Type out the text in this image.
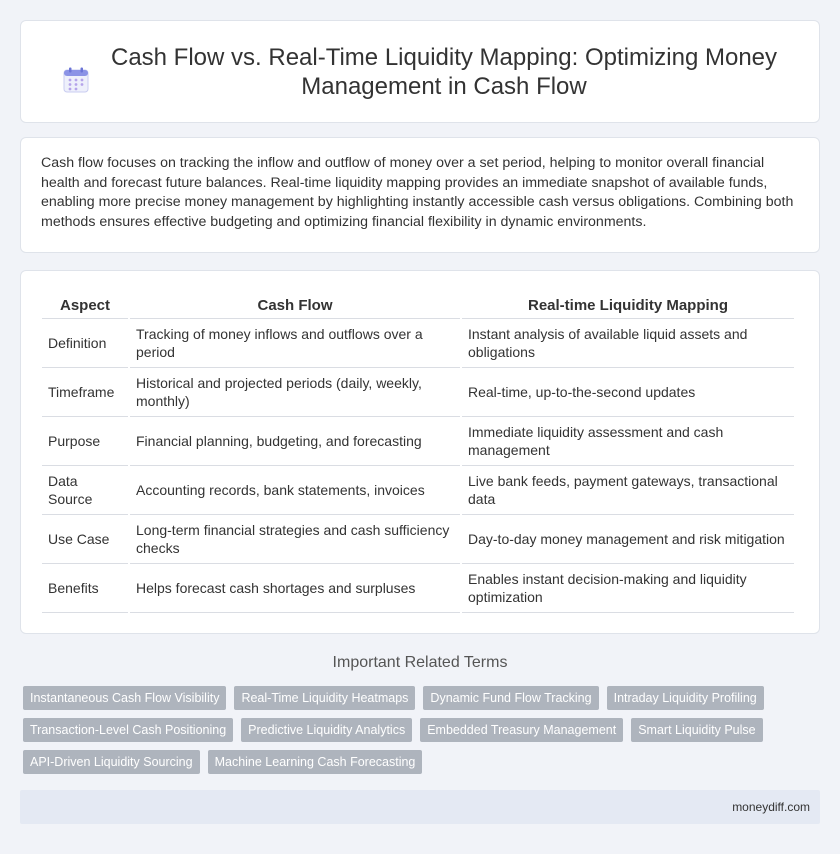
Cash Flow vs. Real-Time Liquidity Mapping: Optimizing Money
Management in Cash Flow

Cash flow focuses on tracking the inflow and outflow of money over a set period, helping to monitor overall financial health and forecast future balances. Real-time liquidity mapping provides an immediate snapshot of available funds, enabling more precise money management by highlighting instantly accessible cash versus obligations. Combining both methods ensures effective budgeting and optimizing financial flexibility in dynamic environments.

Aspect	Cash Flow	Real-time Liquidity Mapping
Definition	Tracking of money inflows and outflows over a period	Instant analysis of available liquid assets and obligations
Timeframe	Historical and projected periods (daily, weekly, monthly)	Real-time, up-to-the-second updates
Purpose	Financial planning, budgeting, and forecasting	Immediate liquidity assessment and cash management
Data Source	Accounting records, bank statements, invoices	Live bank feeds, payment gateways, transactional data
Use Case	Long-term financial strategies and cash sufficiency checks	Day-to-day money management and risk mitigation
Benefits	Helps forecast cash shortages and surpluses	Enables instant decision-making and liquidity optimization
Important Related Terms
Instantaneous Cash Flow Visibility	Real-Time Liquidity Heatmaps	Dynamic Fund Flow Tracking	Intraday Liquidity Profiling
Transaction-Level Cash Positioning	Predictive Liquidity Analytics	Embedded Treasury Management	Smart Liquidity Pulse
API-Driven Liquidity Sourcing	Machine Learning Cash Forecasting
moneydiff.com
